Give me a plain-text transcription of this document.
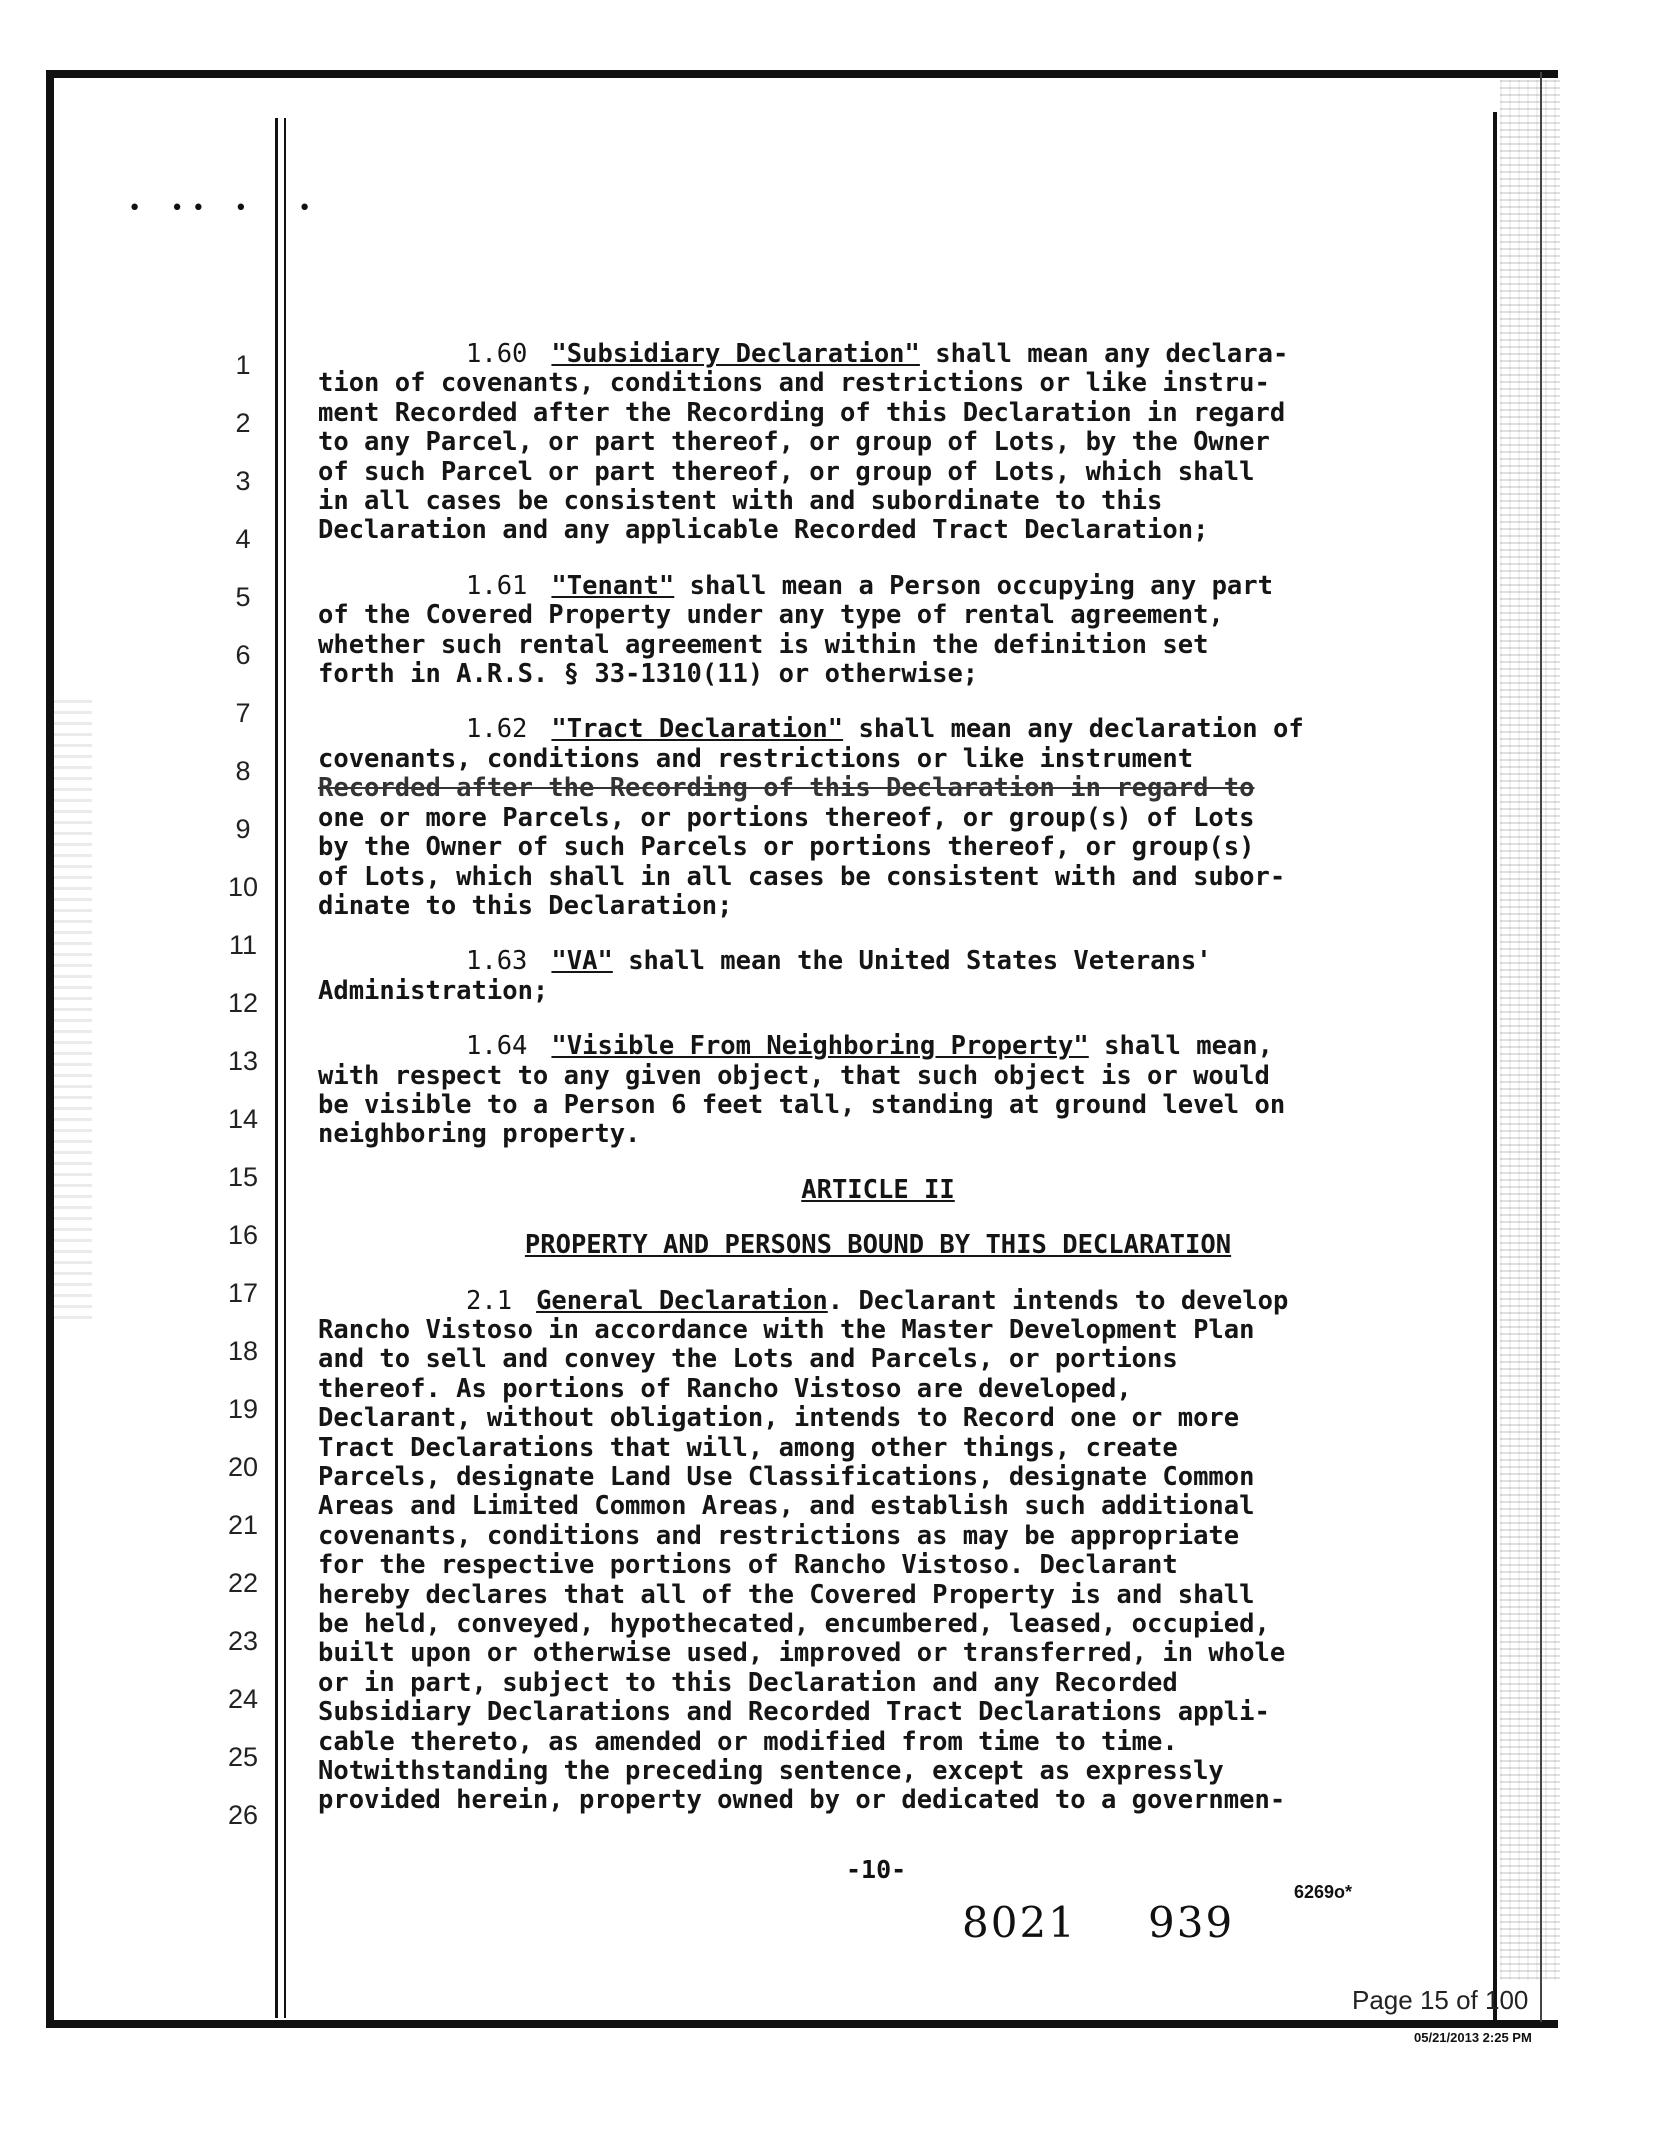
• •• •  •
1
2
3
4
5
6
7
8
9
10
11
12
13
14
15
16
17
18
19
20
21
22
23
24
25
26
1.60 "Subsidiary Declaration" shall mean any declara-
tion of covenants, conditions and restrictions or like instru-
ment Recorded after the Recording of this Declaration in regard
to any Parcel, or part thereof, or group of Lots, by the Owner
of such Parcel or part thereof, or group of Lots, which shall
in all cases be consistent with and subordinate to this
Declaration and any applicable Recorded Tract Declaration;
1.61 "Tenant" shall mean a Person occupying any part
of the Covered Property under any type of rental agreement,
whether such rental agreement is within the definition set
forth in A.R.S. § 33-1310(11) or otherwise;
1.62 "Tract Declaration" shall mean any declaration of
covenants, conditions and restrictions or like instrument
Recorded after the Recording of this Declaration in regard to
one or more Parcels, or portions thereof, or group(s) of Lots
by the Owner of such Parcels or portions thereof, or group(s)
of Lots, which shall in all cases be consistent with and subor-
dinate to this Declaration;
1.63 "VA" shall mean the United States Veterans'
Administration;
1.64 "Visible From Neighboring Property" shall mean,
with respect to any given object, that such object is or would
be visible to a Person 6 feet tall, standing at ground level on
neighboring property.
ARTICLE II
PROPERTY AND PERSONS BOUND BY THIS DECLARATION
2.1 General Declaration. Declarant intends to develop
Rancho Vistoso in accordance with the Master Development Plan
and to sell and convey the Lots and Parcels, or portions
thereof. As portions of Rancho Vistoso are developed,
Declarant, without obligation, intends to Record one or more
Tract Declarations that will, among other things, create
Parcels, designate Land Use Classifications, designate Common
Areas and Limited Common Areas, and establish such additional
covenants, conditions and restrictions as may be appropriate
for the respective portions of Rancho Vistoso. Declarant
hereby declares that all of the Covered Property is and shall
be held, conveyed, hypothecated, encumbered, leased, occupied,
built upon or otherwise used, improved or transferred, in whole
or in part, subject to this Declaration and any Recorded
Subsidiary Declarations and Recorded Tract Declarations appli-
cable thereto, as amended or modified from time to time.
Notwithstanding the preceding sentence, except as expressly
provided herein, property owned by or dedicated to a governmen-
-10-
8021 939
6269o*
Page 15 of 100
05/21/2013 2:25 PM
